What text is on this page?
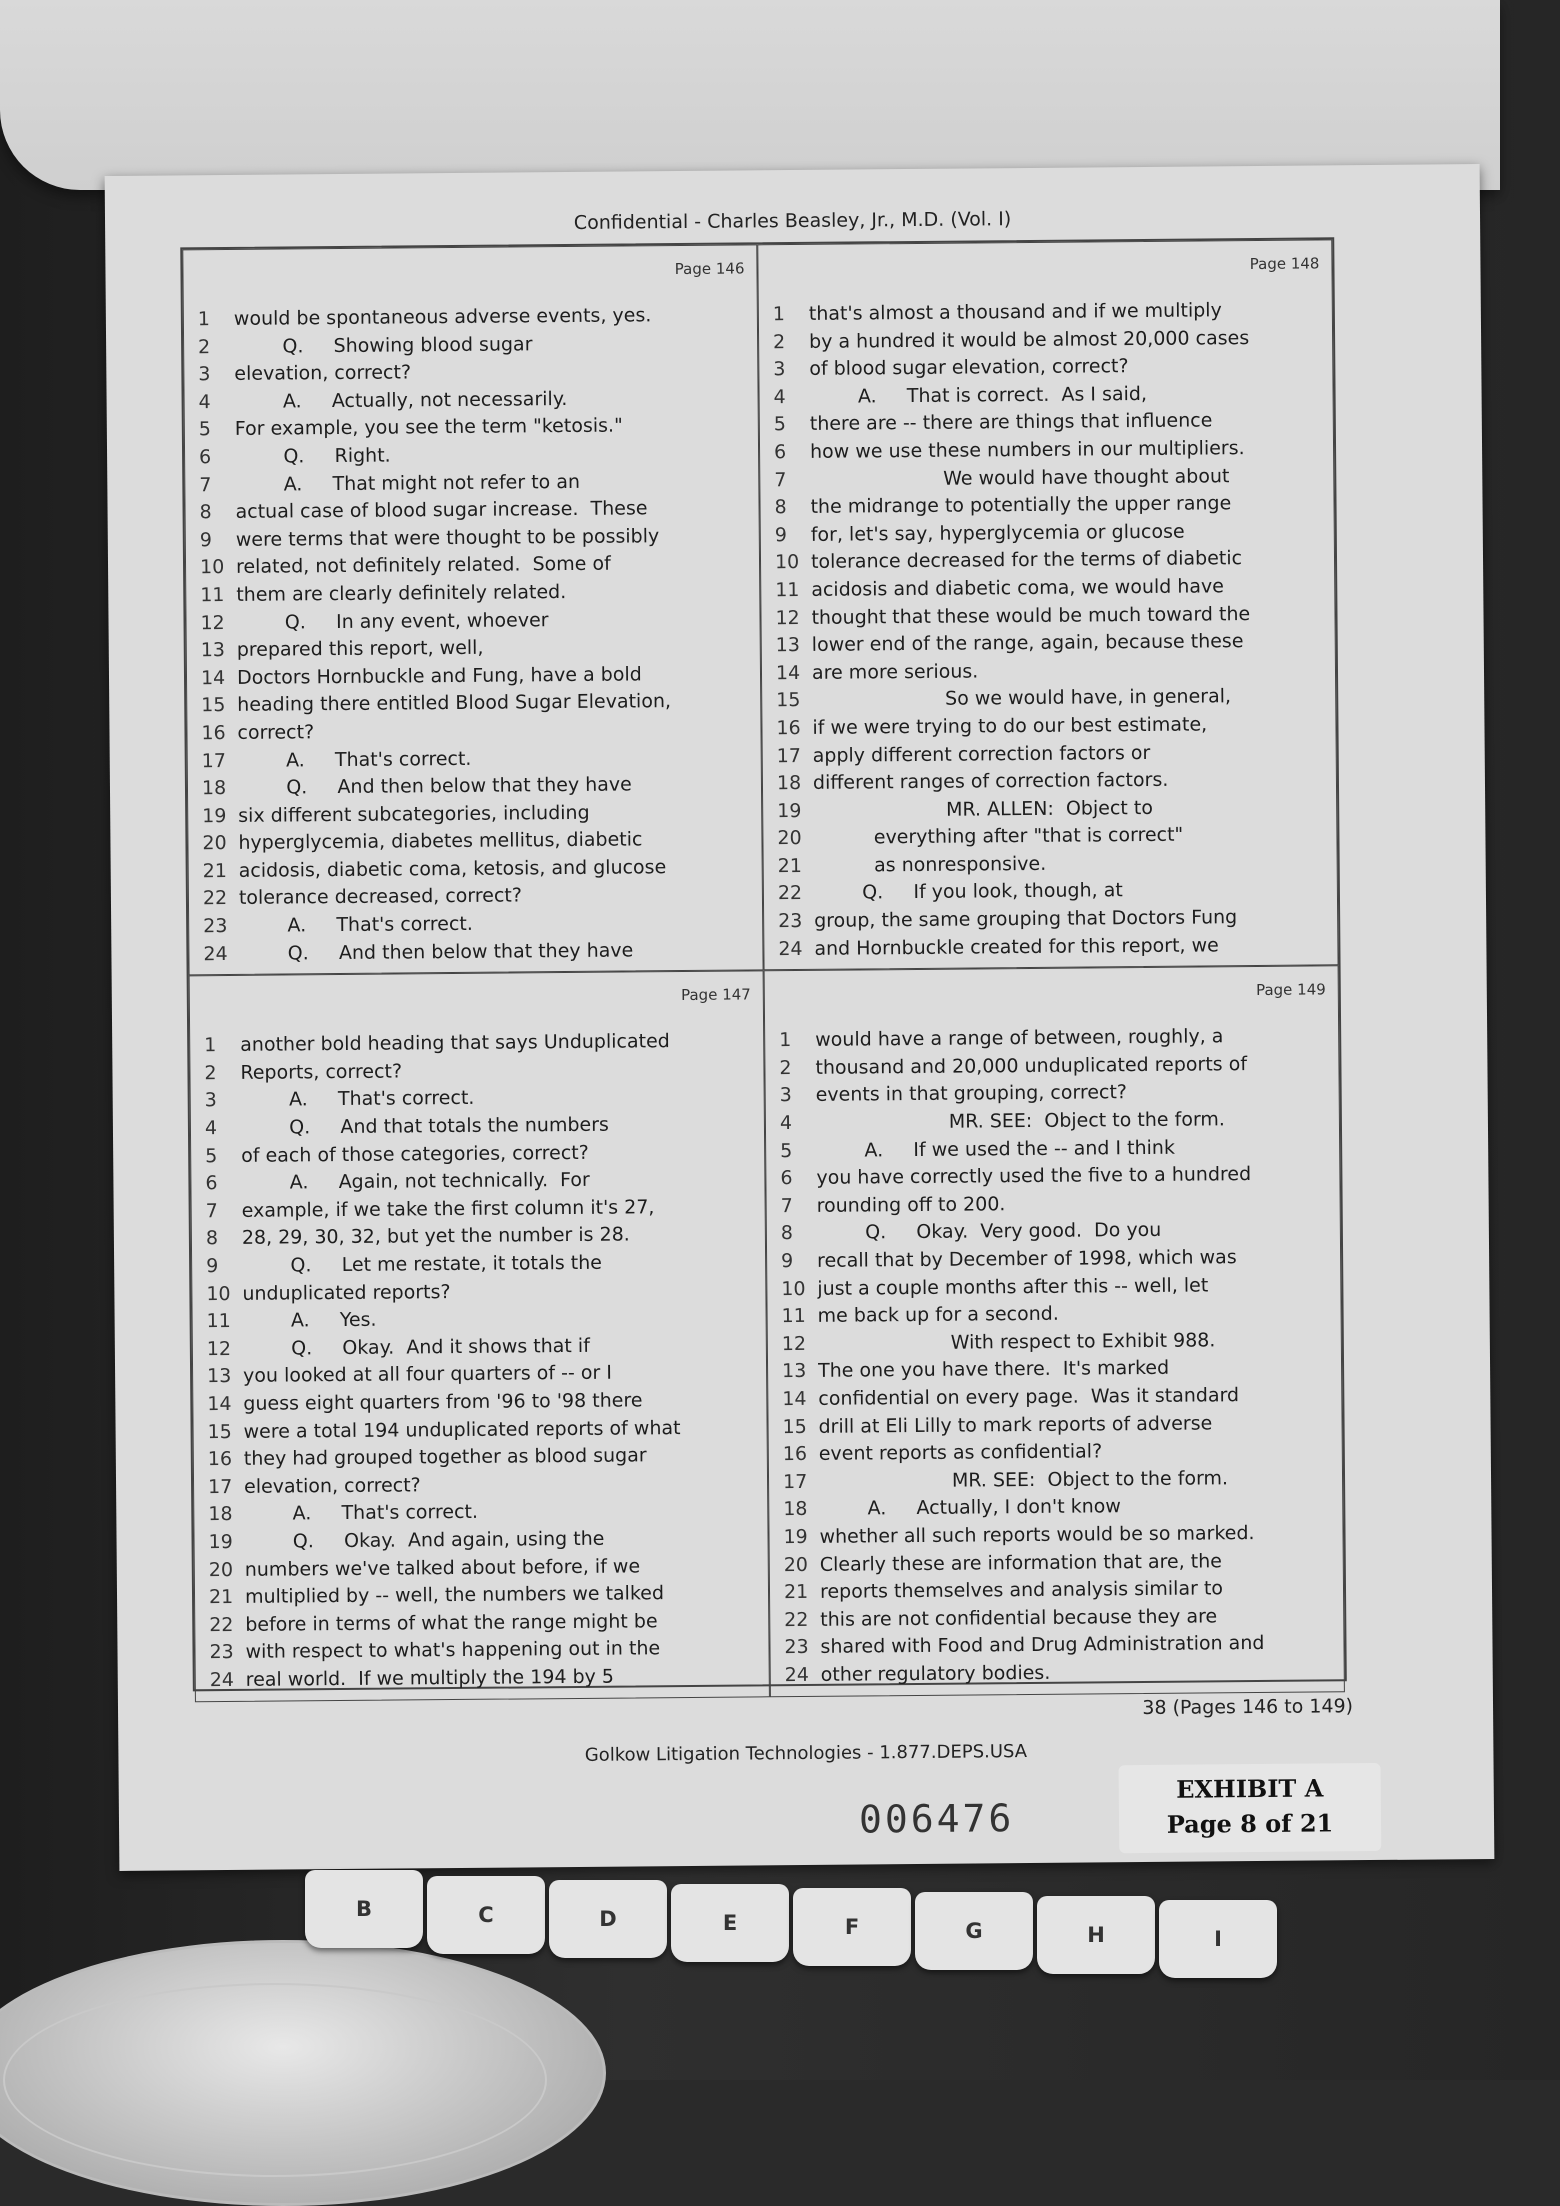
Confidential - Charles Beasley, Jr., M.D. (Vol. I)
Page 146
1	would be spontaneous adverse events, yes.
2	Q.     Showing blood sugar
3	elevation, correct?
4	A.     Actually, not necessarily.
5	For example, you see the term "ketosis."
6	Q.     Right.
7	A.     That might not refer to an
8	actual case of blood sugar increase.  These
9	were terms that were thought to be possibly
10 related, not definitely related.  Some of
11 them are clearly definitely related.
12 Q.     In any event, whoever
13 prepared this report, well,
14 Doctors Hornbuckle and Fung, have a bold
15 heading there entitled Blood Sugar Elevation,
16 correct?
17 A.     That's correct.
18 Q.     And then below that they have
19 six different subcategories, including
20 hyperglycemia, diabetes mellitus, diabetic
21 acidosis, diabetic coma, ketosis, and glucose
22 tolerance decreased, correct?
23 A.     That's correct.
24 Q.     And then below that they have
Page 148
1	that's almost a thousand and if we multiply
2	by a hundred it would be almost 20,000 cases
3	of blood sugar elevation, correct?
4	A.     That is correct.  As I said,
5	there are -- there are things that influence
6	how we use these numbers in our multipliers.
7	We would have thought about
8	the midrange to potentially the upper range
9	for, let's say, hyperglycemia or glucose
10 tolerance decreased for the terms of diabetic
11 acidosis and diabetic coma, we would have
12 thought that these would be much toward the
13 lower end of the range, again, because these
14 are more serious.
15 So we would have, in general,
16 if we were trying to do our best estimate,
17 apply different correction factors or
18 different ranges of correction factors.
19 MR. ALLEN:  Object to
20 everything after "that is correct"
21 as nonresponsive.
22 Q.     If you look, though, at
23 group, the same grouping that Doctors Fung
24 and Hornbuckle created for this report, we
Page 147
1	another bold heading that says Unduplicated
2	Reports, correct?
3	A.     That's correct.
4	Q.     And that totals the numbers
5	of each of those categories, correct?
6	A.     Again, not technically.  For
7	example, if we take the first column it's 27,
8	28, 29, 30, 32, but yet the number is 28.
9	Q.     Let me restate, it totals the
10 unduplicated reports?
11 A.     Yes.
12 Q.     Okay.  And it shows that if
13 you looked at all four quarters of -- or I
14 guess eight quarters from '96 to '98 there
15 were a total 194 unduplicated reports of what
16 they had grouped together as blood sugar
17 elevation, correct?
18 A.     That's correct.
19 Q.     Okay.  And again, using the
20 numbers we've talked about before, if we
21 multiplied by -- well, the numbers we talked
22 before in terms of what the range might be
23 with respect to what's happening out in the
24 real world.  If we multiply the 194 by 5
Page 149
1	would have a range of between, roughly, a
2	thousand and 20,000 unduplicated reports of
3	events in that grouping, correct?
4	MR. SEE:  Object to the form.
5	A.     If we used the -- and I think
6	you have correctly used the five to a hundred
7	rounding off to 200.
8	Q.     Okay.  Very good.  Do you
9	recall that by December of 1998, which was
10 just a couple months after this -- well, let
11 me back up for a second.
12 With respect to Exhibit 988.
13 The one you have there.  It's marked
14 confidential on every page.  Was it standard
15 drill at Eli Lilly to mark reports of adverse
16 event reports as confidential?
17 MR. SEE:  Object to the form.
18 A.     Actually, I don't know
19 whether all such reports would be so marked.
20 Clearly these are information that are, the
21 reports themselves and analysis similar to
22 this are not confidential because they are
23 shared with Food and Drug Administration and
24 other regulatory bodies.
38 (Pages 146 to 149)
Golkow Litigation Technologies - 1.877.DEPS.USA
006476
EXHIBIT A
Page 8 of 21
B	C	D	E	F	G	H	I
